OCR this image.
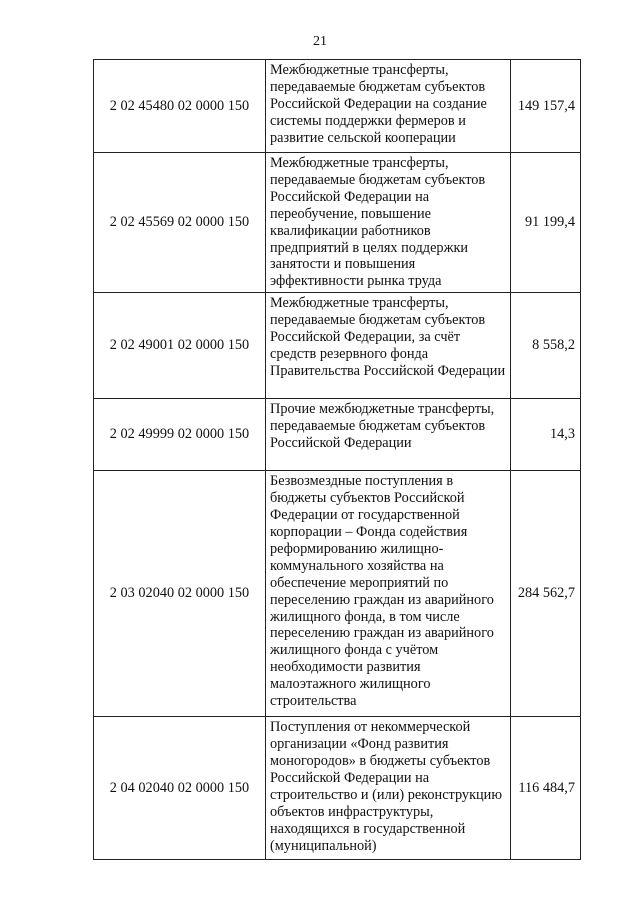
21
2 02 45480 02 0000 150	Межбюджетные трансферты, передаваемые бюджетам субъектов Российской Федерации на создание системы поддержки фермеров и развитие сельской кооперации	149 157,4
2 02 45569 02 0000 150	Межбюджетные трансферты, передаваемые бюджетам субъектов Российской Федерации на переобучение, повышение квалификации работников предприятий в целях поддержки занятости и повышения эффективности рынка труда	91 199,4
2 02 49001 02 0000 150	Межбюджетные трансферты, передаваемые бюджетам субъектов Российской Федерации, за счёт средств резервного фонда Правительства Российской Федерации	8 558,2
2 02 49999 02 0000 150	Прочие межбюджетные трансферты, передаваемые бюджетам субъектов Российской Федерации	14,3
2 03 02040 02 0000 150	Безвозмездные поступления в бюджеты субъектов Российской Федерации от государственной корпорации – Фонда содействия реформированию жилищно-коммунального хозяйства на обеспечение мероприятий по переселению граждан из аварийного жилищного фонда, в том числе переселению граждан из аварийного жилищного фонда с учётом необходимости развития малоэтажного жилищного строительства	284 562,7
2 04 02040 02 0000 150	Поступления от некоммерческой организации «Фонд развития моногородов» в бюджеты субъектов Российской Федерации на строительство и (или) реконструкцию объектов инфраструктуры, находящихся в государственной (муниципальной)	116 484,7
